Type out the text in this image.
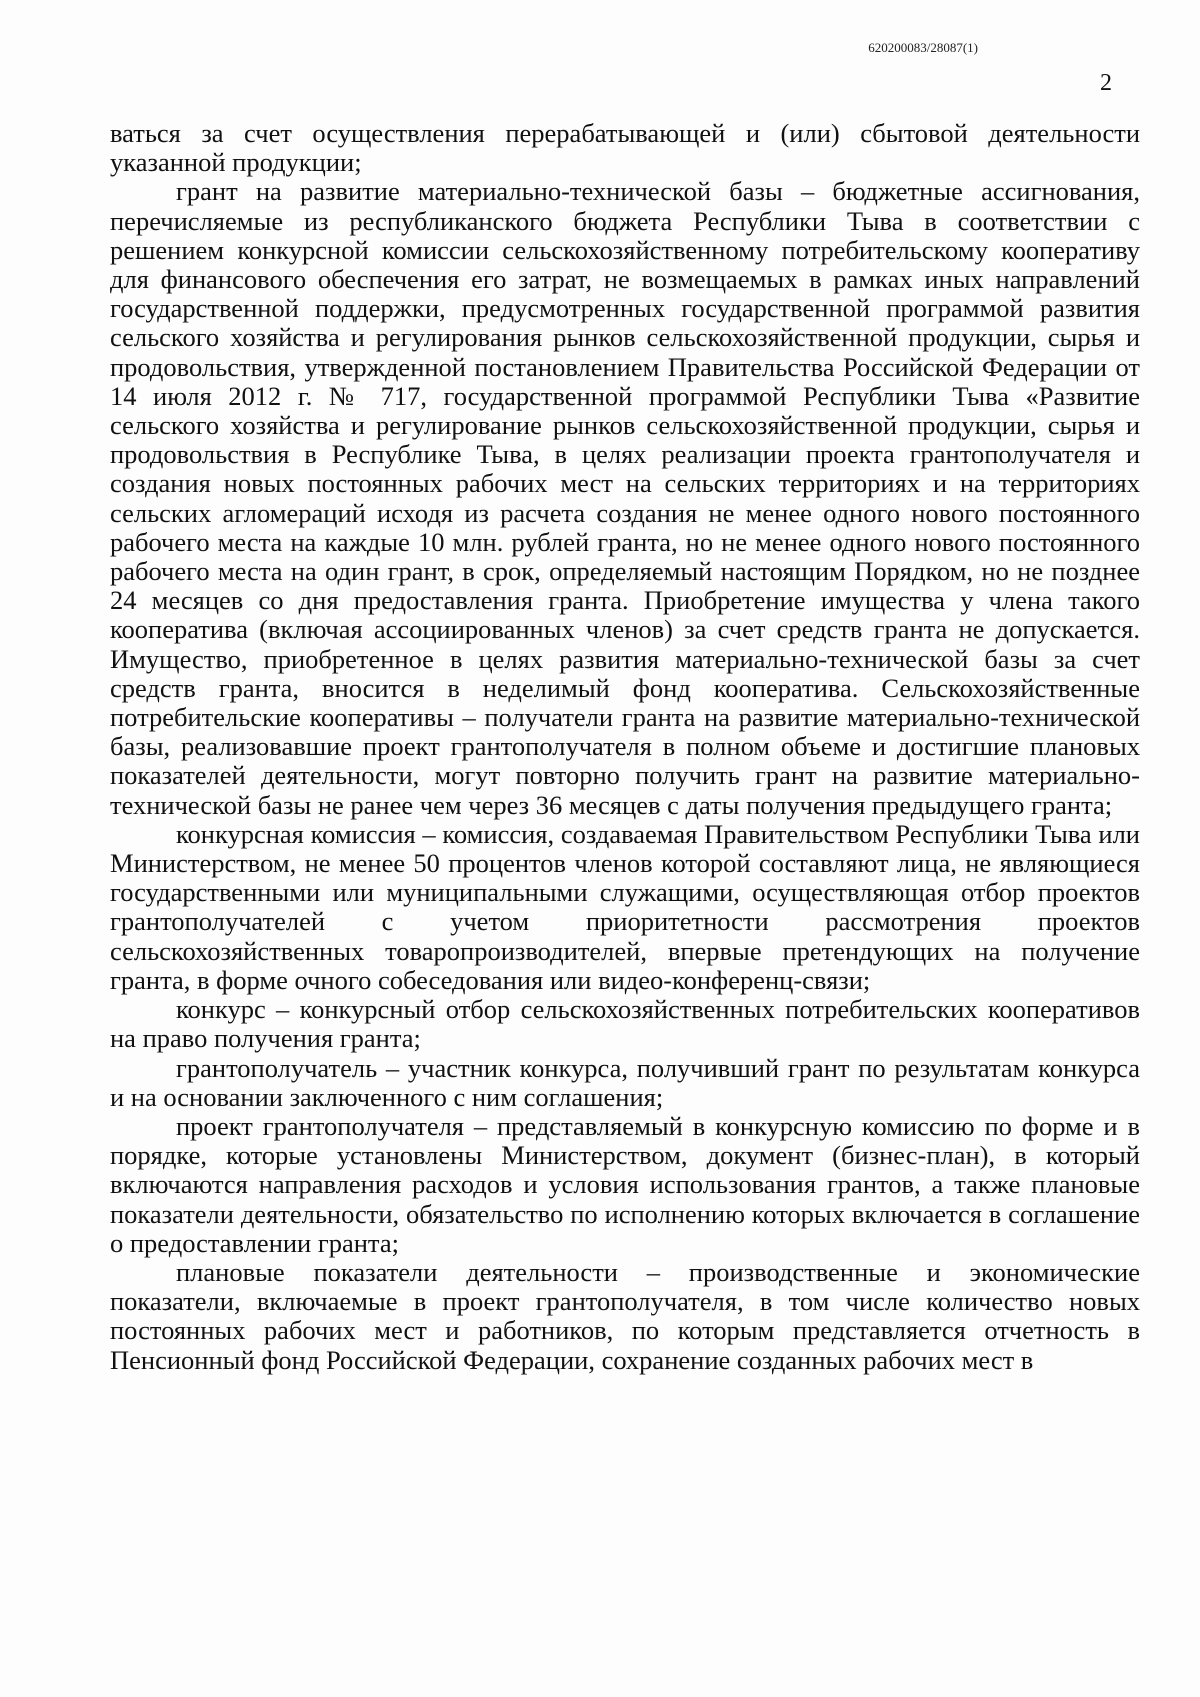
620200083/28087(1)
2

ваться за счет осуществления перерабатывающей и (или) сбытовой деятельности указанной продукции;

грант на развитие материально-технической базы – бюджетные ассигнования, перечисляемые из республиканского бюджета Республики Тыва в соответствии с решением конкурсной комиссии сельскохозяйственному потребительскому кооперативу для финансового обеспечения его затрат, не возмещаемых в рамках иных направлений государственной поддержки, предусмотренных государственной программой развития сельского хозяйства и регулирования рынков сельскохозяйственной продукции, сырья и продовольствия, утвержденной постановлением Правительства Российской Федерации от 14 июля 2012 г. № 717, государственной программой Республики Тыва «Развитие сельского хозяйства и регулирование рынков сельскохозяйственной продукции, сырья и продовольствия в Республике Тыва, в целях реализации проекта грантополучателя и создания новых постоянных рабочих мест на сельских территориях и на территориях сельских агломераций исходя из расчета создания не менее одного нового постоянного рабочего места на каждые 10 млн. рублей гранта, но не менее одного нового постоянного рабочего места на один грант, в срок, определяемый настоящим Порядком, но не позднее 24 месяцев со дня предоставления гранта. Приобретение имущества у члена такого кооператива (включая ассоциированных членов) за счет средств гранта не допускается. Имущество, приобретенное в целях развития материально-технической базы за счет средств гранта, вносится в неделимый фонд кооператива. Сельскохозяйственные потребительские кооперативы – получатели гранта на развитие материально-технической базы, реализовавшие проект грантополучателя в полном объеме и достигшие плановых показателей деятельности, могут повторно получить грант на развитие материально-технической базы не ранее чем через 36 месяцев с даты получения предыдущего гранта;

конкурсная комиссия – комиссия, создаваемая Правительством Республики Тыва или Министерством, не менее 50 процентов членов которой составляют лица, не являющиеся государственными или муниципальными служащими, осуществляющая отбор проектов грантополучателей с учетом приоритетности рассмотрения проектов сельскохозяйственных товаропроизводителей, впервые претендующих на получение гранта, в форме очного собеседования или видео-конференц-связи;

конкурс – конкурсный отбор сельскохозяйственных потребительских кооперативов на право получения гранта;

грантополучатель – участник конкурса, получивший грант по результатам конкурса и на основании заключенного с ним соглашения;

проект грантополучателя – представляемый в конкурсную комиссию по форме и в порядке, которые установлены Министерством, документ (бизнес-план), в который включаются направления расходов и условия использования грантов, а также плановые показатели деятельности, обязательство по исполнению которых включается в соглашение о предоставлении гранта;

плановые показатели деятельности – производственные и экономические показатели, включаемые в проект грантополучателя, в том числе количество новых постоянных рабочих мест и работников, по которым представляется отчетность в Пенсионный фонд Российской Федерации, сохранение созданных рабочих мест в
